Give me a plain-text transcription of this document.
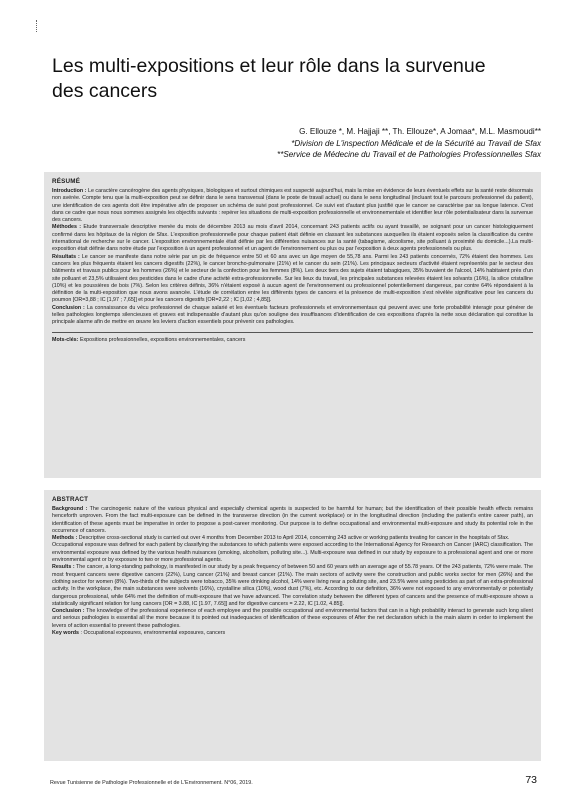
Les multi-expositions et leur rôle dans la survenue des cancers
G. Ellouze *, M. Hajjaji **, Th. Ellouze*, A Jomaa*, M.L. Masmoudi**
*Division de L'inspection Médicale et de la Sécurité au Travail de Sfax
**Service de Médecine du Travail et de Pathologies Professionnelles Sfax
RÉSUMÉ

Introduction : Le caractère cancérogène des agents physiques, biologiques et surtout chimiques est suspecté aujourd'hui, mais la mise en évidence de leurs éventuels effets sur la santé reste désormais non avérée. Compte tenu que la multi-exposition peut se définir dans le sens transversal (dans le poste de travail actuel) ou dans le sens longitudinal (incluant tout le parcours professionnel du patient), une identification de ces agents doit être impérative afin de proposer un schéma de suivi post professionnel. Ce suivi est d'autant plus justifié que le cancer se caractérise par sa longue latence. C'est dans ce cadre que nous nous sommes assignés les objectifs suivants : repérer les situations de multi-exposition professionnelle et environnementale et identifier leur rôle potentialisateur dans la survenue des cancers.

Méthodes : Etude transversale descriptive menée du mois de décembre 2013 au mois d'avril 2014, concernant 243 patients actifs ou ayant travaillé, se soignant pour un cancer histologiquement confirmé dans les hôpitaux de la région de Sfax. L'exposition professionnelle pour chaque patient était définie en classant les substances auxquelles ils étaient exposés selon la classification du centre international de recherche sur le cancer. L'exposition environnementale était définie par les différentes nuisances sur la santé (tabagisme, alcoolisme, site polluant à proximité du domicile...).La multi-exposition était définie dans notre étude par l'exposition à un agent professionnel et un agent de l'environnement ou plus ou par l'exposition à deux agents professionnels ou plus.

Résultats : Le cancer se manifeste dans notre série par un pic de fréquence entre 50 et 60 ans avec un âge moyen de 55,78 ans. Parmi les 243 patients concernés, 72% étaient des hommes. Les cancers les plus fréquents étaient les cancers digestifs (22%), le cancer broncho-pulmonaire (21%) et le cancer du sein (21%). Les principaux secteurs d'activité étaient représentés par le secteur des bâtiments et travaux publics pour les hommes (26%) et le secteur de la confection pour les femmes (8%). Les deux tiers des sujets étaient tabagiques, 35% buvaient de l'alcool, 14% habitaient près d'un site polluant et 23,5% utilisaient des pesticides dans le cadre d'une activité extra-professionnelle. Sur les lieux du travail, les principales substances relevées étaient les solvants (16%), la silice cristalline (10%) et les poussières de bois (7%). Selon les critères définis, 36% n'étaient exposé à aucun agent de l'environnement ou professionnel potentiellement dangereux, par contre 64% répondaient à la définition de la multi-exposition que nous avons avancée. L'étude de corrélation entre les différents types de cancers et la présence de multi-exposition s'est révélée significative pour les cancers du poumon [OR=3,88 ; IC [1,97 ; 7,65]] et pour les cancers digestifs [OR=2,22 ; IC [1,02 ; 4,85]].

Conclusion : La connaissance du vécu professionnel de chaque salarié et les éventuels facteurs professionnels et environnementaux qui peuvent avec une forte probabilité interagir pour générer de telles pathologies longtemps silencieuses et graves est indispensable d'autant plus qu'on souligne des insuffisances d'identification de ces expositions d'après la nette sous déclaration qui constitue la principale alarme afin de mettre en œuvre les leviers d'action essentiels pour prévenir ces pathologies.

Mots-clés: Expositions professionnelles, expositions environnementales, cancers

ABSTRACT

Background : The carcinogenic nature of the various physical and especially chemical agents is suspected to be harmful for human; but the identification of their possible health effects remains henceforth unproven. From the fact multi-exposure can be defined in the transverse direction (in the current workplace) or in the longitudinal direction (including the patient's entire career path), an identification of these agents must be imperative in order to propose a post-career monitoring. Our purpose is to define occupational and environmental multi-exposure and study its potential role in the occurrence of cancers.

Methods : Descriptive cross-sectional study is carried out over 4 months from December 2013 to April 2014, concerning 243 active or working patients treating for cancer in the hospitals of Sfax.

Occupational exposure was defined for each patient by classifying the substances to which patients were exposed according to the International Agency for Research on Cancer (IARC) classification. The environmental exposure was defined by the various health nuisances (smoking, alcoholism, polluting site...). Multi-exposure was defined in our study by exposure to a professional agent and one or more environmental agent or by exposure to two or more professional agents.

Results : The cancer, a long-standing pathology, is manifested in our study by a peak frequency of between 50 and 60 years with an average age of 55.78 years. Of the 243 patients, 72% were male. The most frequent cancers were digestive cancers (22%), Lung cancer (21%) and breast cancer (21%). The main sectors of activity were the construction and public works sector for men (26%) and the clothing sector for women (8%). Two-thirds of the subjects were tobacco, 35% were drinking alcohol, 14% were living near a polluting site, and 23.5% were using pesticides as part of an extra-professional activity. In the workplace, the main substances were solvents (16%), crystalline silica (10%), wood dust (7%), etc. According to our definition, 36% were not exposed to any environmentally or potentially dangerous professional, while 64% met the definition of multi-exposure that we have advanced. The correlation study between the different types of cancers and the presence of multi-exposure shows a statistically significant relation for lung cancers [OR = 3.88, IC [1.97, 7.65]] and for digestive cancers = 2.22, IC [1.02, 4.85]].

Conclusion : The knowledge of the professional experience of each employee and the possible occupational and environmental factors that can in a high probability interact to generate such long silent and serious pathologies is essential all the more because it is pointed out inadequacies of identification of these exposures of After the net declaration which is the main alarm in order to implement the levers of action essential to prevent these pathologies.

Key words : Occupational exposures, environmental exposures, cancers

Revue Tunisienne de Pathologie Professionnelle et de L'Environnement. N°06, 2019.	73
